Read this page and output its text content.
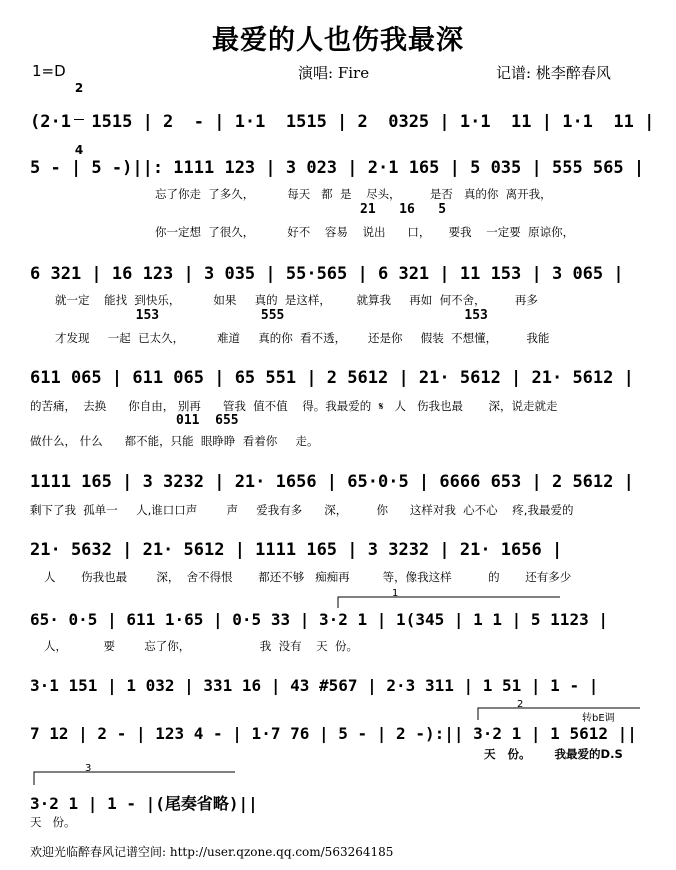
最爱的人也伤我最深
1=D

2

4

演唱: Fire	记谱: 桃李醉春风
(2·1  1515 | 2  - | 1·1  1515 | 2  0325 | 1·1  11 | 1·1  11 |
5 - | 5 -)||: 1111 123 | 3 023 | 2·1 165 | 5 035 | 555 565 |
忘了你走  了多久，         每天   都  是    尽头，        是否   真的你  离开我，
21   16   5
你一定想  了很久，         好不    容易    说出      口，     要我    一定要  原谅你，
6 321 | 16 123 | 3 035 | 55·565 | 6 321 | 11 153 | 3 065 |
就一定    能找  到快乐，         如果     真的  是这样，       就算我     再如  何不舍，        再多
153             555                       153
才发现     一起  已太久，         难道     真的你  看不透，      还是你     假装  不想懂，        我能
611 065 | 611 065 | 65 551 | 2 5612 | 21· 5612 | 21· 5612 |
的苦痛，  去换      你自由， 别再      管我  值不值    得。我最爱的  𝄋   人   伤我也最       深，说走就走
011  655
做什么， 什么      都不能，只能  眼睁睁  看着你     走。
1111 165 | 3 3232 | 21· 1656 | 65·0·5 | 6666 653 | 2 5612 |
剩下了我  孤单一     人,谁口口声        声     爱我有多      深，        你      这样对我  心不心    疼,我最爱的
21· 5632 | 21· 5612 | 1111 165 | 3 3232 | 21· 1656 |
人       伤我也最        深，  舍不得恨       都还不够   痴痴再         等，像我这样          的       还有多少
65· 0·5 | 611 1·65 | 0·5 33 | 3·2 1 | 1(345 | 1 1 | 5 1123 |
人，          要        忘了你，                   我  没有    天  份。
3·1 151 | 1 032 | 331 16 | 43 #567 | 2·3 311 | 1 51 | 1 - |
7 12 | 2 - | 123 4 - | 1·7 76 | 5 - | 2 -):|| 3·2 1 | 1 5612 ||
转bE调
天   份。      我最爱的D.S
3·2 1 | 1 - |(尾奏省略)||
天   份。
1
2
3
欢迎光临醉春风记谱空间: http://user.qzone.qq.com/563264185
